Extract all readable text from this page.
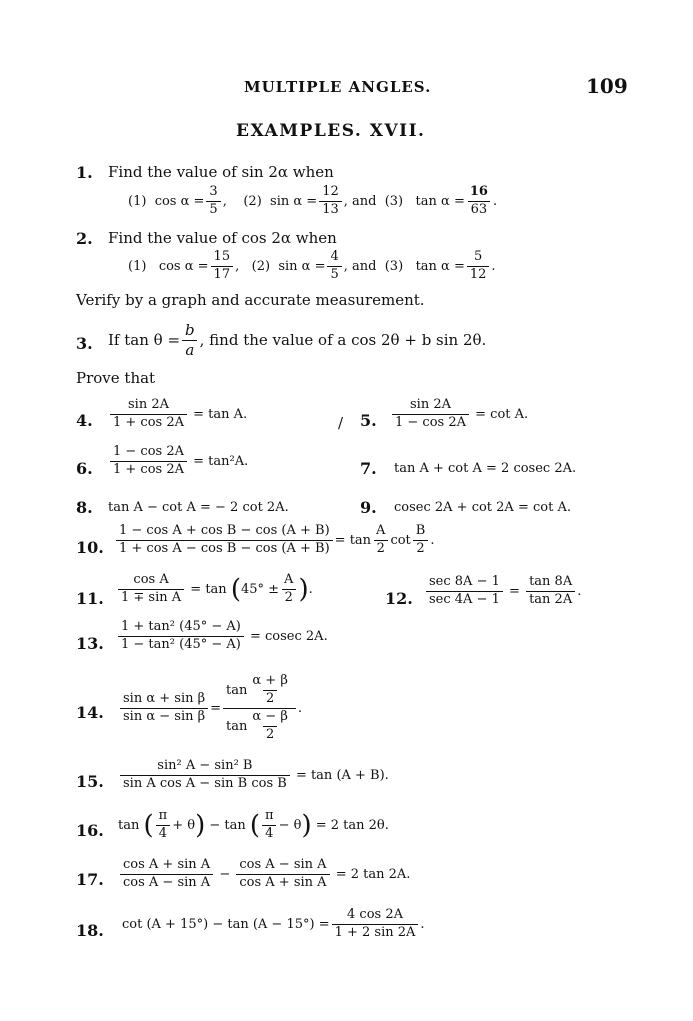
MULTIPLE ANGLES.	109
EXAMPLES. XVII.
1. Find the value of sin 2α when
(1) $\cos \alpha = \frac{3}{5}$ , (2) $\sin \alpha = \frac{12}{13}$ , and (3) $\tan \alpha = \frac{16}{63}$ .
2. Find the value of cos 2α when
(1) $\cos \alpha = \frac{15}{17}$ , (2) $\sin \alpha = \frac{4}{5}$ , and (3) $\tan \alpha = \frac{5}{12}$ .
Verify by a graph and accurate measurement.
3. If $\tan \theta = \frac{b}{a}$ , find the value of a cos 2θ + b sin 2θ.
Prove that
4. $\frac{\sin 2A}{1 + \cos 2A} = \tan A$.	/ 5. $\frac{\sin 2A}{1 - \cos 2A} = \cot A$.
6. $\frac{1 - \cos 2A}{1 + \cos 2A} = \tan^2A$.	7. tan A + cot A = 2 cosec 2A.
8. tan A − cot A = − 2 cot 2A.	9. cosec 2A + cot 2A = cot A.
10. $\frac{\text{1 − cos A + cos B − cos (A + B)}}{\text{1 + cos A − cos B − cos (A + B)}} = \tan \frac{A}{2}$ $\cot \frac{B}{2}$ .
11. $\frac{\text{cos A}}{\text{1 ∓ sin A}} = \tan (45^\circ \pm \frac{A}{2}$ ).	12. $\frac{\sec 8A - 1}{\sec 4A - 1} = \frac{\tan 8A}{\tan 2A}$ .
13. $\frac{\text{1 + tan² (45° − A)}}{\text{1 − tan² (45° − A)}} = cosec$ 2A.
14. $\frac{\text{sin α + sin β}}{\text{sin α − sin β}} = \frac{\tan \frac{\alpha + \beta}{2}}{\tan \frac{\alpha - \beta}{2}}$ .
15. $\frac{\text{sin² A − sin² B}}{\text{sin A cos A − sin B cos B}} = \tan (A + B)$.
16. tan ( $\frac{\pi}{4} + \theta) - \tan$ ( $\frac{\pi}{4} - \theta) = 2$ tan 2θ.
17. $\frac{\text{cos A + sin A}}{\text{cos A − sin A}} - \frac{\text{cos A − sin A}}{\text{cos A + sin A}} = 2$ tan 2A.
18. $\cot (A + 15^\circ) - \tan (A - 15^\circ) = \frac{4 \cos 2A}{1 + 2 \sin 2A}$ .
